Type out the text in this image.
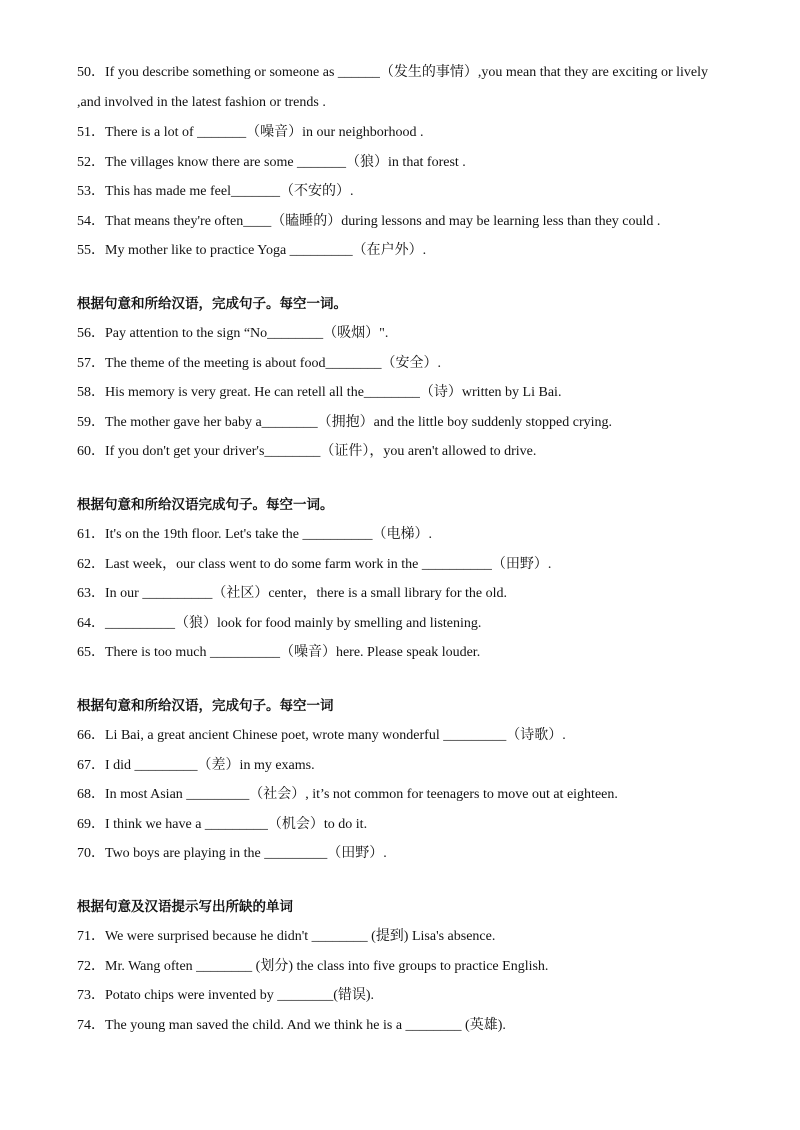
50．If you describe something or someone as ______（发生的事情）,you mean that they are exciting or lively ,and involved in the latest fashion or trends .
51．There is a lot of _______（噪音）in our neighborhood .
52．The villages know there are some _______（狼）in that forest .
53．This has made me feel_______（不安的）.
54．That means they're often____（瞌睡的）during lessons and may be learning less than they could .
55．My mother like to practice Yoga _________（在户外）.
根据句意和所给汉语，完成句子。每空一词。
56．Pay attention to the sign “No________（吸烟）".
57．The theme of the meeting is about food________（安全）.
58．His memory is very great. He can retell all the________（诗）written by Li Bai.
59．The mother gave her baby a________（拥抱）and the little boy suddenly stopped crying.
60．If you don't get your driver's________（证件），you aren't allowed to drive.
根据句意和所给汉语完成句子。每空一词。
61．It's on the 19th floor. Let's take the __________（电梯）.
62．Last week，our class went to do some farm work in the __________（田野）.
63．In our __________（社区）center，there is a small library for the old.
64．__________（狼）look for food mainly by smelling and listening.
65．There is too much __________（噪音）here. Please speak louder.
根据句意和所给汉语，完成句子。每空一词
66．Li Bai, a great ancient Chinese poet, wrote many wonderful _________（诗歌）.
67．I did _________（差）in my exams.
68．In most Asian _________（社会）, it’s not common for teenagers to move out at eighteen.
69．I think we have a _________（机会）to do it.
70．Two boys are playing in the _________（田野）.
根据句意及汉语提示写出所缺的单词
71．We were surprised because he didn't ________ (提到) Lisa's absence.
72．Mr. Wang often ________ (划分) the class into five groups to practice English.
73．Potato chips were invented by ________(错误).
74．The young man saved the child. And we think he is a ________ (英雄).
